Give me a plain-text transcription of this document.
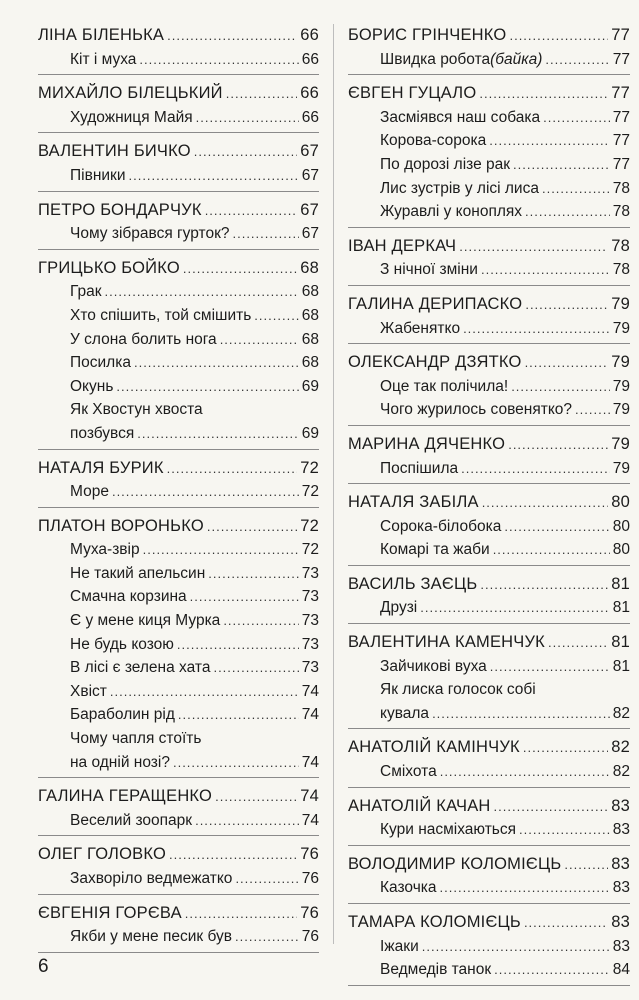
ЛІНА БІЛЕНЬКА .....	66
Кіт і муха .....	66
МИХАЙЛО БІЛЕЦЬКИЙ .....	66
Художниця Майя .....	66
ВАЛЕНТИН БИЧКО .....	67
Півники .....	67
ПЕТРО БОНДАРЧУК .....	67
Чому зібрався гурток? .....	67
ГРИЦЬКО БОЙКО .....	68
Грак .....	68
Хто спішить, той смішить .....	68
У слона болить нога .....	68
Посилка .....	68
Окунь .....	69
Як Хвостун хвоста
позбувся .....	69
НАТАЛЯ БУРИК .....	72
Море .....	72
ПЛАТОН ВОРОНЬКО .....	72
Муха-звір .....	72
Не такий апельсин .....	73
Смачна корзина .....	73
Є у мене киця Мурка .....	73
Не будь козою .....	73
В лісі є зелена хата .....	73
Хвіст .....	74
Бараболин рід .....	74
Чому чапля стоїть
на одній нозі? .....	74
ГАЛИНА ГЕРАЩЕНКО .....	74
Веселий зоопарк .....	74
ОЛЕГ ГОЛОВКО .....	76
Захворіло ведмежатко .....	76
ЄВГЕНІЯ ГОРЄВА .....	76
Якби у мене песик був .....	76
БОРИС ГРІНЧЕНКО .....	77
Швидка робота (байка) .....	77
ЄВГЕН ГУЦАЛО .....	77
Засміявся наш собака .....	77
Корова-сорока .....	77
По дорозі лізе рак .....	77
Лис зустрів у лісі лиса .....	78
Журавлі у коноплях .....	78
ІВАН ДЕРКАЧ .....	78
З нічної зміни .....	78
ГАЛИНА ДЕРИПАСКО .....	79
Жабенятко .....	79
ОЛЕКСАНДР ДЗЯТКО .....	79
Оце так полічила! .....	79
Чого журилось совенятко? .....	79
МАРИНА ДЯЧЕНКО .....	79
Поспішила .....	79
НАТАЛЯ ЗАБІЛА .....	80
Сорока-білобока .....	80
Комарі та жаби .....	80
ВАСИЛЬ ЗАЄЦЬ .....	81
Друзі .....	81
ВАЛЕНТИНА КАМЕНЧУК .....	81
Зайчикові вуха .....	81
Як лиска голосок собі
кувала .....	82
АНАТОЛІЙ КАМІНЧУК .....	82
Сміхота .....	82
АНАТОЛІЙ КАЧАН .....	83
Кури насміхаються .....	83
ВОЛОДИМИР КОЛОМІЄЦЬ .....	83
Казочка .....	83
ТАМАРА КОЛОМІЄЦЬ .....	83
Іжаки .....	83
Ведмедів танок .....	84
6
